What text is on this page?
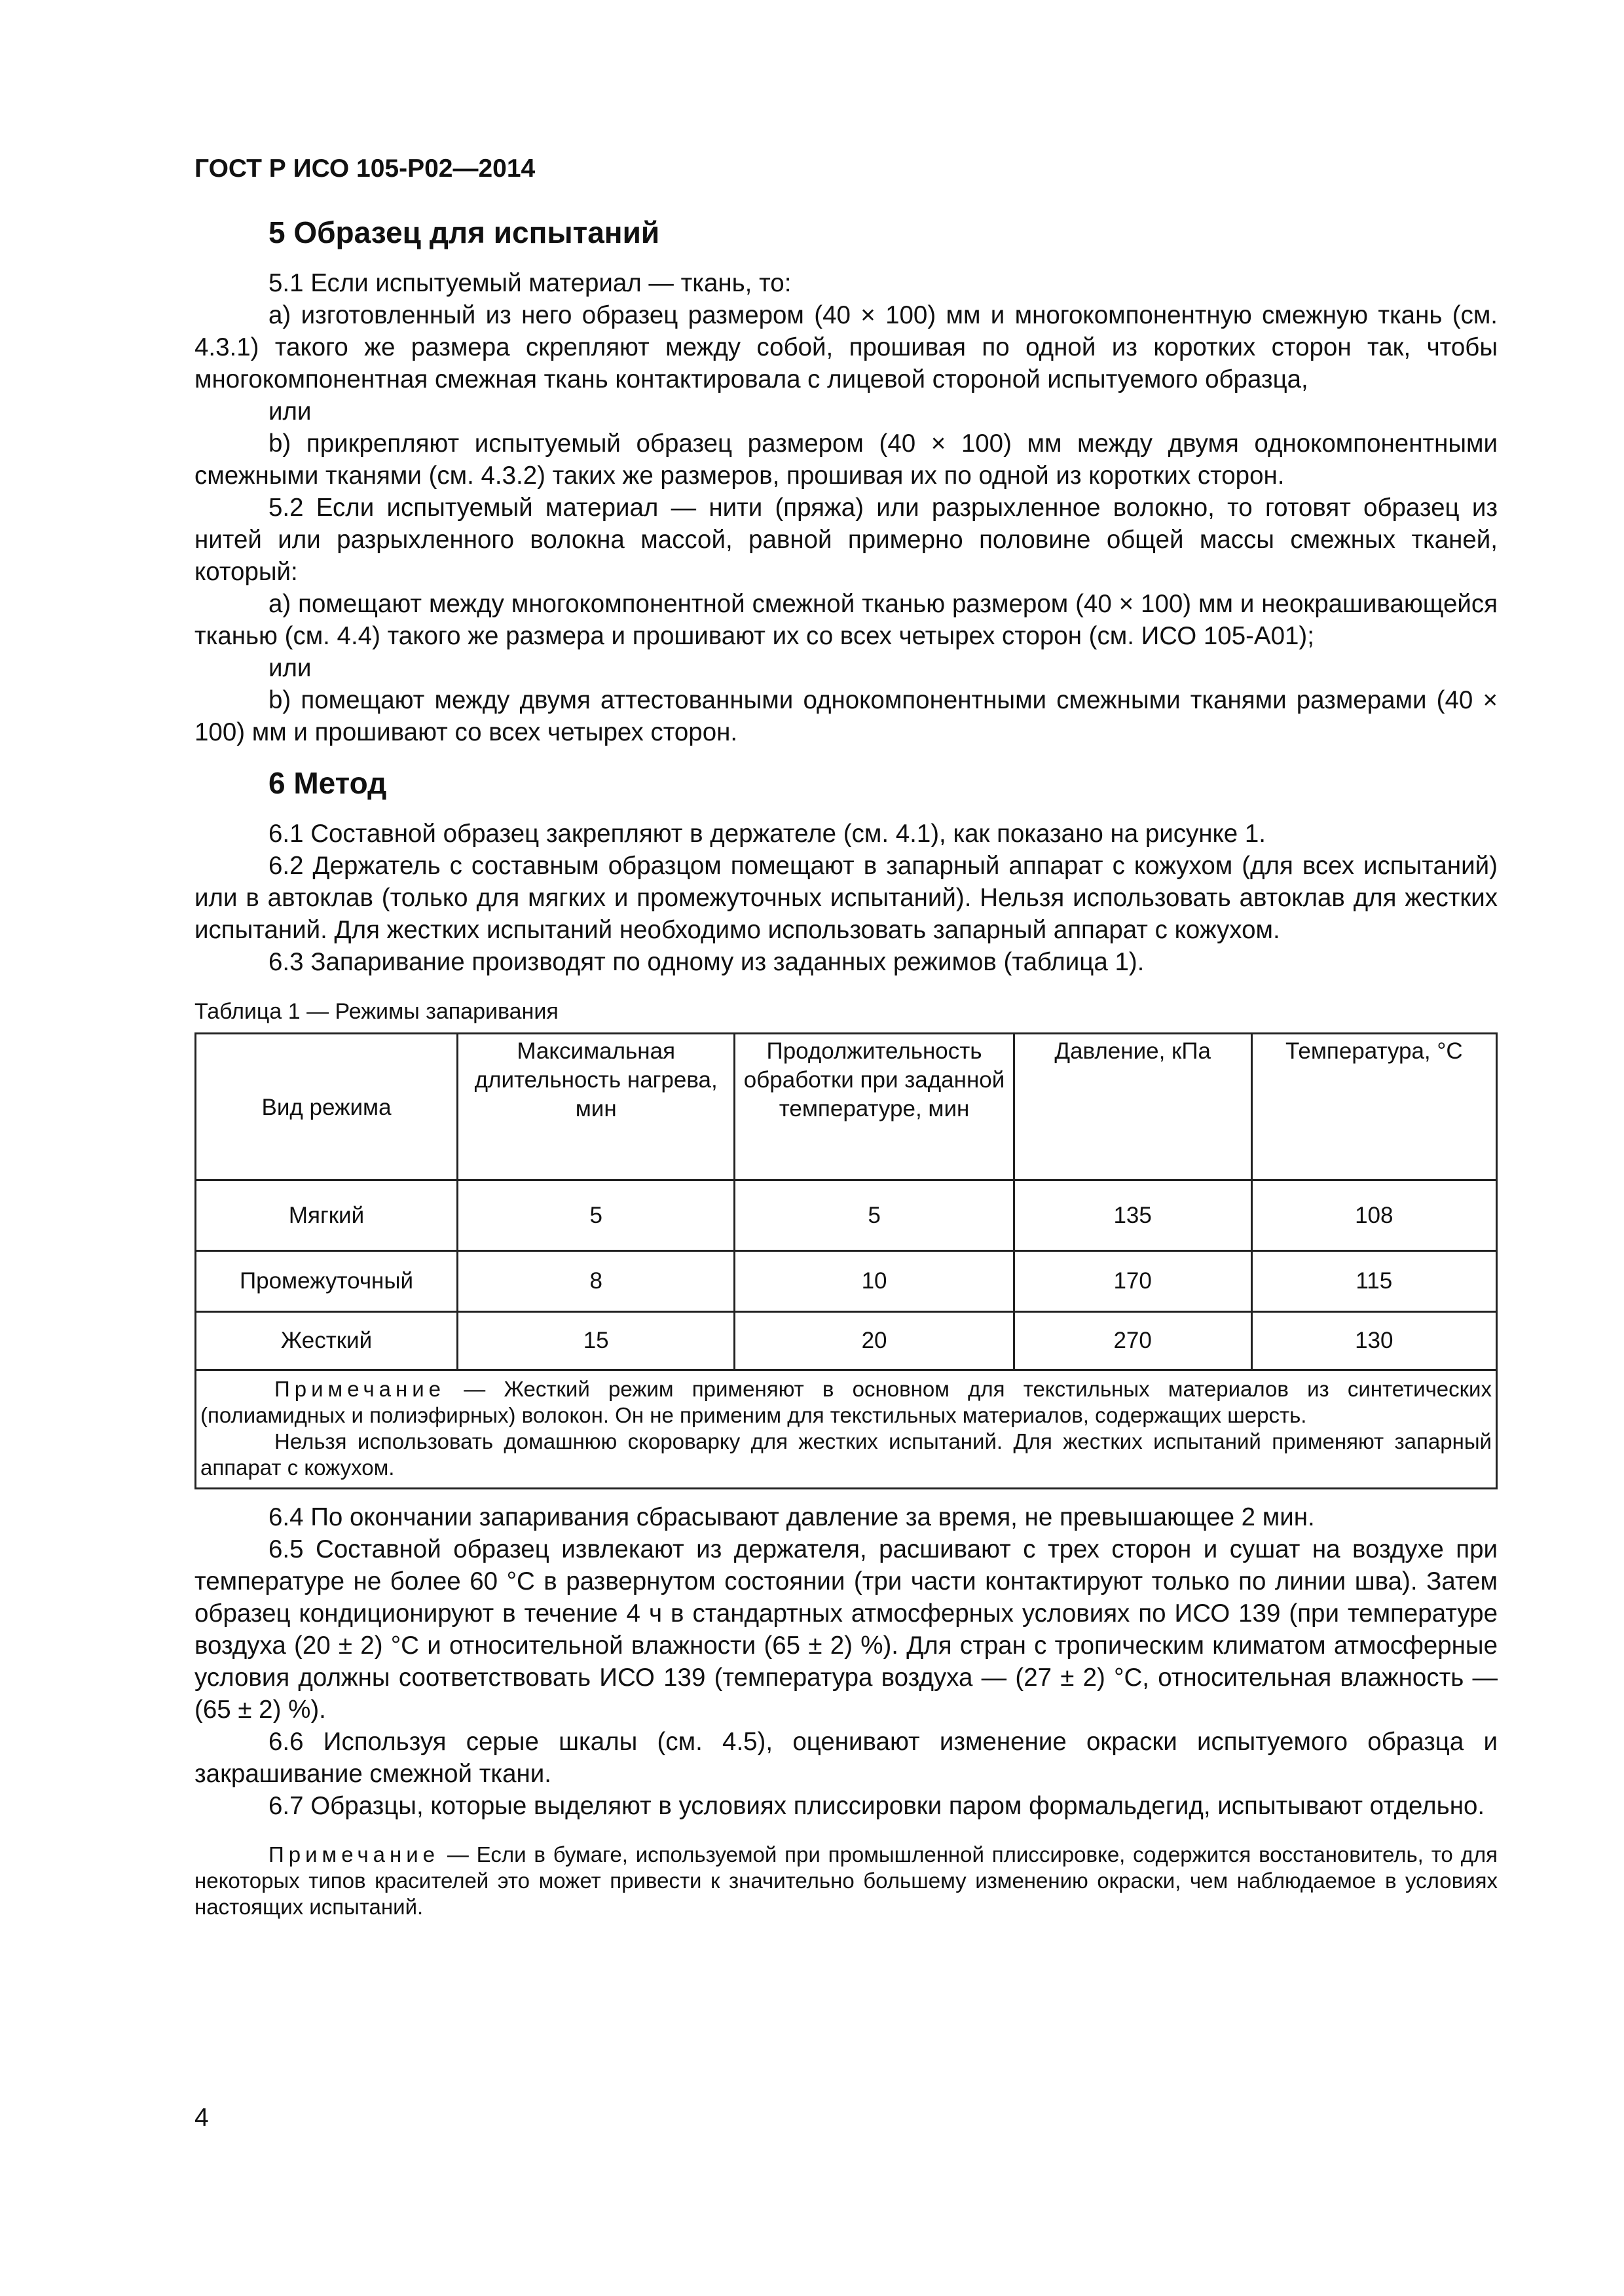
ГОСТ Р ИСО 105-Р02—2014
5 Образец для испытаний

5.1 Если испытуемый материал — ткань, то:

а) изготовленный из него образец размером (40 × 100) мм и многокомпонентную смежную ткань (см. 4.3.1) такого же размера скрепляют между собой, прошивая по одной из коротких сторон так, чтобы многокомпонентная смежная ткань контактировала с лицевой стороной испытуемого образца,

или

b) прикрепляют испытуемый образец размером (40 × 100) мм между двумя однокомпонентными смежными тканями (см. 4.3.2) таких же размеров, прошивая их по одной из коротких сторон.

5.2 Если испытуемый материал — нити (пряжа) или разрыхленное волокно, то готовят образец из нитей или разрыхленного волокна массой, равной примерно половине общей массы смежных тканей, который:

а) помещают между многокомпонентной смежной тканью размером (40 × 100) мм и неокрашивающейся тканью (см. 4.4) такого же размера и прошивают их со всех четырех сторон (см. ИСО 105-A01);

или

b) помещают между двумя аттестованными однокомпонентными смежными тканями размерами (40 × 100) мм и прошивают со всех четырех сторон.

6 Метод

6.1 Составной образец закрепляют в держателе (см. 4.1), как показано на рисунке 1.

6.2 Держатель с составным образцом помещают в запарный аппарат с кожухом (для всех испытаний) или в автоклав (только для мягких и промежуточных испытаний). Нельзя использовать автоклав для жестких испытаний. Для жестких испытаний необходимо использовать запарный аппарат с кожухом.

6.3 Запаривание производят по одному из заданных режимов (таблица 1).

Таблица 1 — Режимы запаривания
Вид режима	Максимальная длительность нагрева, мин	Продолжительность обработки при заданной температуре, мин	Давление, кПа	Температура, °С
Мягкий	5	5	135	108
Промежуточный	8	10	170	115
Жесткий	15	20	270	130

Примечание — Жесткий режим применяют в основном для текстильных материалов из синтетических (полиамидных и полиэфирных) волокон. Он не применим для текстильных материалов, содержащих шерсть.

Нельзя использовать домашнюю скороварку для жестких испытаний. Для жестких испытаний применяют запарный аппарат с кожухом.				

6.4 По окончании запаривания сбрасывают давление за время, не превышающее 2 мин.

6.5 Составной образец извлекают из держателя, расшивают с трех сторон и сушат на воздухе при температуре не более 60 °С в развернутом состоянии (три части контактируют только по линии шва). Затем образец кондиционируют в течение 4 ч в стандартных атмосферных условиях по ИСО 139 (при температуре воздуха (20 ± 2) °С и относительной влажности (65 ± 2) %). Для стран с тропическим климатом атмосферные условия должны соответствовать ИСО 139 (температура воздуха — (27 ± 2) °С, относительная влажность — (65 ± 2) %).

6.6 Используя серые шкалы (см. 4.5), оценивают изменение окраски испытуемого образца и закрашивание смежной ткани.

6.7 Образцы, которые выделяют в условиях плиссировки паром формальдегид, испытывают отдельно.

Примечание — Если в бумаге, используемой при промышленной плиссировке, содержится восстановитель, то для некоторых типов красителей это может привести к значительно большему изменению окраски, чем наблюдаемое в условиях настоящих испытаний.

4
